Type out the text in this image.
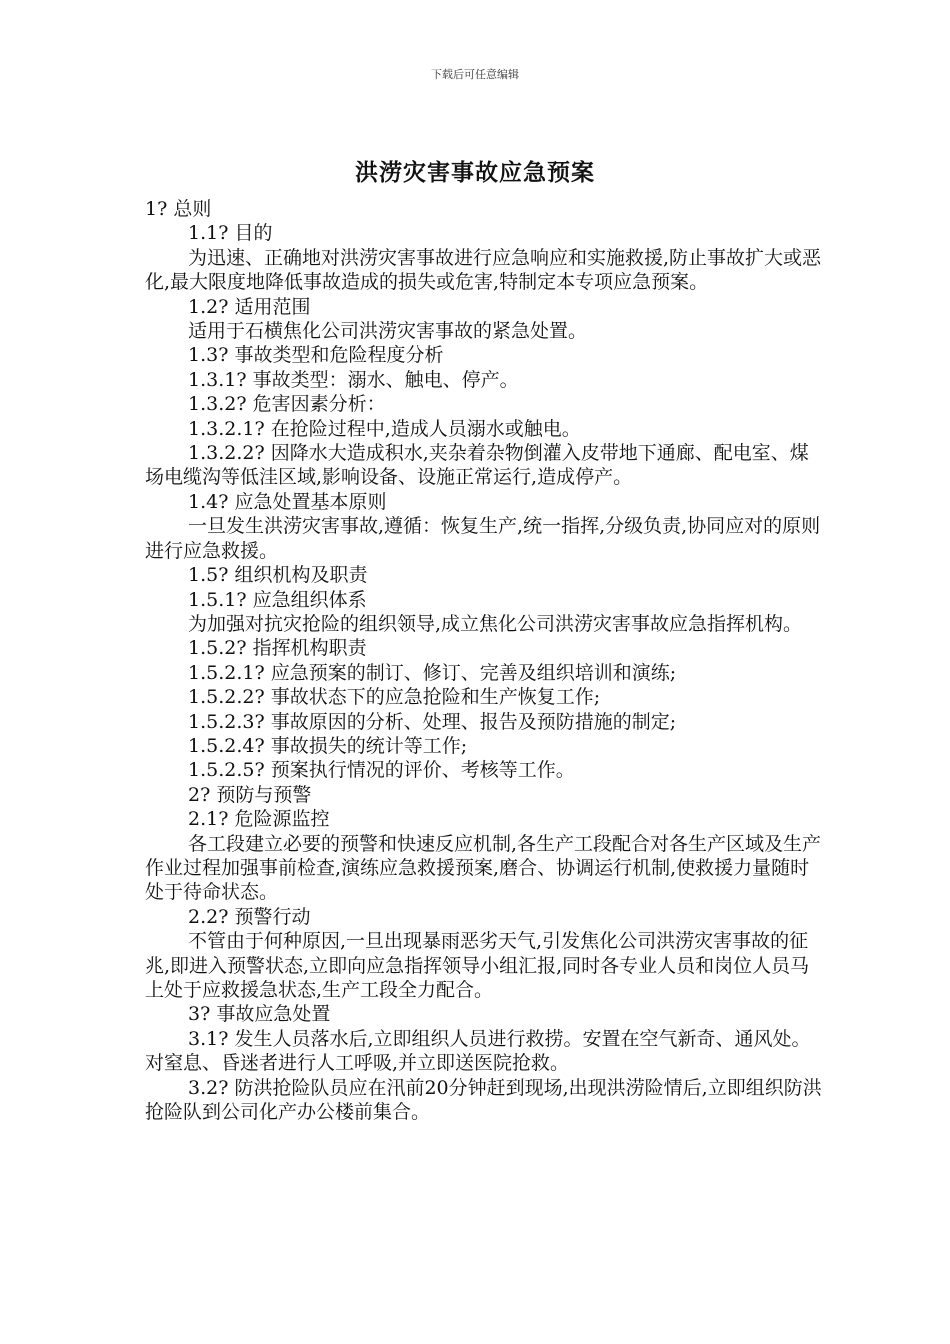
下载后可任意编辑
洪涝灾害事故应急预案

1? 总则

1.1? 目的

为迅速、正确地对洪涝灾害事故进行应急响应和实施救援,防止事故扩大或恶化,最大限度地降低事故造成的损失或危害,特制定本专项应急预案。

1.2? 适用范围

适用于石横焦化公司洪涝灾害事故的紧急处置。

1.3? 事故类型和危险程度分析

1.3.1? 事故类型：溺水、触电、停产。

1.3.2? 危害因素分析：

1.3.2.1? 在抢险过程中,造成人员溺水或触电。

1.3.2.2? 因降水大造成积水,夹杂着杂物倒灌入皮带地下通廊、配电室、煤场电缆沟等低洼区域,影响设备、设施正常运行,造成停产。

1.4? 应急处置基本原则

一旦发生洪涝灾害事故,遵循：恢复生产,统一指挥,分级负责,协同应对的原则进行应急救援。

1.5? 组织机构及职责

1.5.1? 应急组织体系

为加强对抗灾抢险的组织领导,成立焦化公司洪涝灾害事故应急指挥机构。

1.5.2? 指挥机构职责

1.5.2.1? 应急预案的制订、修订、完善及组织培训和演练;

1.5.2.2? 事故状态下的应急抢险和生产恢复工作;

1.5.2.3? 事故原因的分析、处理、报告及预防措施的制定;

1.5.2.4? 事故损失的统计等工作;

1.5.2.5? 预案执行情况的评价、考核等工作。

2? 预防与预警

2.1? 危险源监控

各工段建立必要的预警和快速反应机制,各生产工段配合对各生产区域及生产作业过程加强事前检查,演练应急救援预案,磨合、协调运行机制,使救援力量随时处于待命状态。

2.2? 预警行动

不管由于何种原因,一旦出现暴雨恶劣天气,引发焦化公司洪涝灾害事故的征兆,即进入预警状态,立即向应急指挥领导小组汇报,同时各专业人员和岗位人员马上处于应救援急状态,生产工段全力配合。

3? 事故应急处置

3.1? 发生人员落水后,立即组织人员进行救捞。安置在空气新奇、通风处。对窒息、昏迷者进行人工呼吸,并立即送医院抢救。

3.2? 防洪抢险队员应在汛前20分钟赶到现场,出现洪涝险情后,立即组织防洪抢险队到公司化产办公楼前集合。
